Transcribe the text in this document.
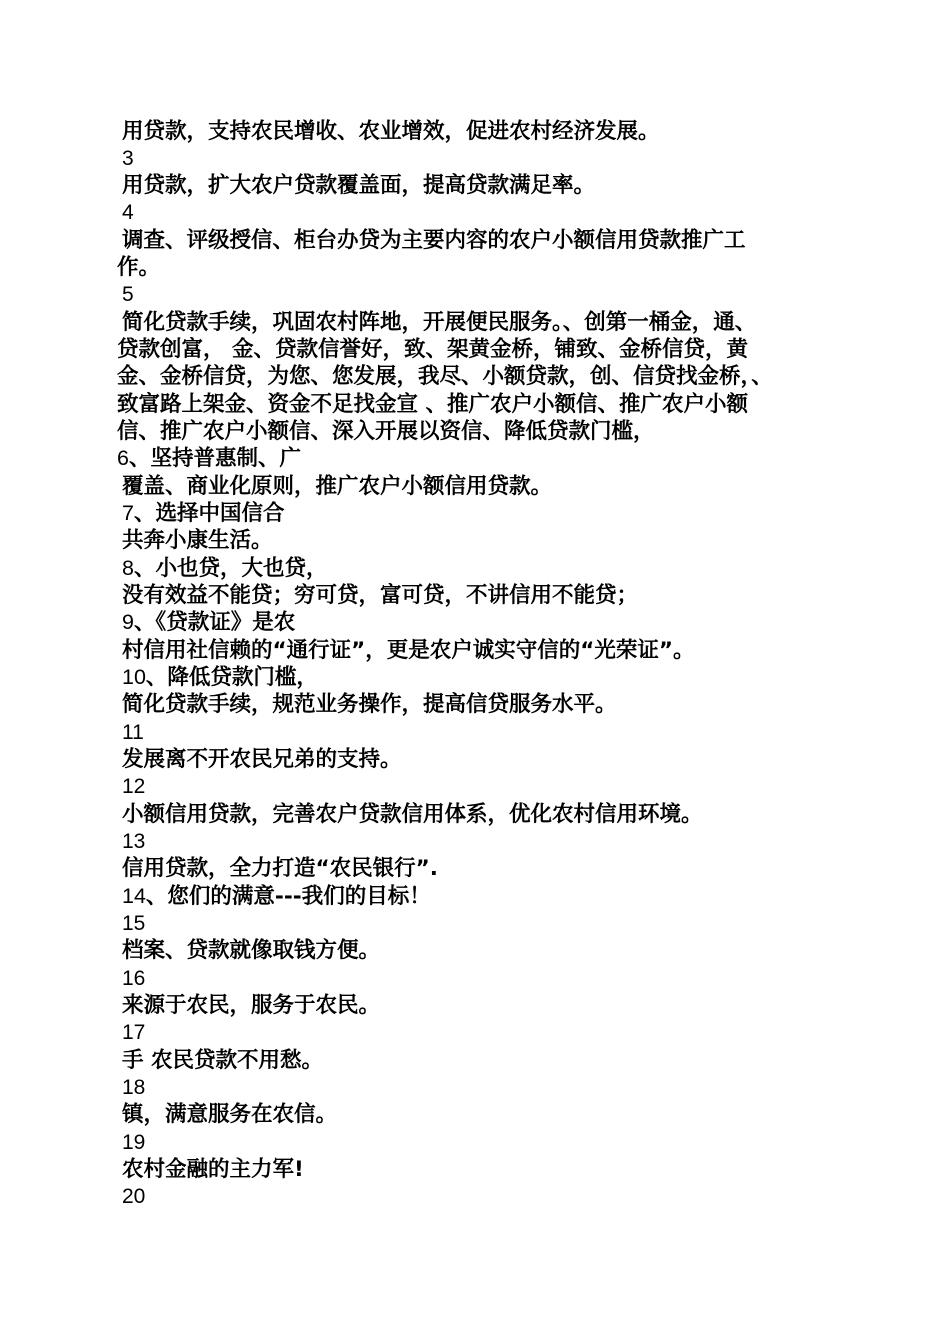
用贷款，支持农民增收、农业增效，促进农村经济发展。
3
用贷款，扩大农户贷款覆盖面，提高贷款满足率。
4
调查、评级授信、柜台办贷为主要内容的农户小额信用贷款推广工
作。
5
简化贷款手续，巩固农村阵地，开展便民服务。、创第一桶金，通、
贷款创富， 金、贷款信誉好，致、架黄金桥，铺致、金桥信贷，黄
金、金桥信贷，为您、您发展，我尽、小额贷款，创、信贷找金桥，、
致富路上架金、资金不足找金宣 、推广农户小额信、推广农户小额
信、推广农户小额信、深入开展以资信、降低贷款门槛，
6、坚持普惠制、广
覆盖、商业化原则，推广农户小额信用贷款。
7、选择中国信合
共奔小康生活。
8、小也贷，大也贷，
没有效益不能贷；穷可贷，富可贷，不讲信用不能贷；
9、《贷款证》是农
村信用社信赖的“通行证”，更是农户诚实守信的“光荣证”。
10、降低贷款门槛，
简化贷款手续，规范业务操作，提高信贷服务水平。
11
发展离不开农民兄弟的支持。
12
小额信用贷款，完善农户贷款信用体系，优化农村信用环境。
13
信用贷款，全力打造“农民银行”.
14、您们的满意---我们的目标！
15
档案、贷款就像取钱方便。
16
来源于农民，服务于农民。
17
手 农民贷款不用愁。
18
镇，满意服务在农信。
19
农村金融的主力军!
20
